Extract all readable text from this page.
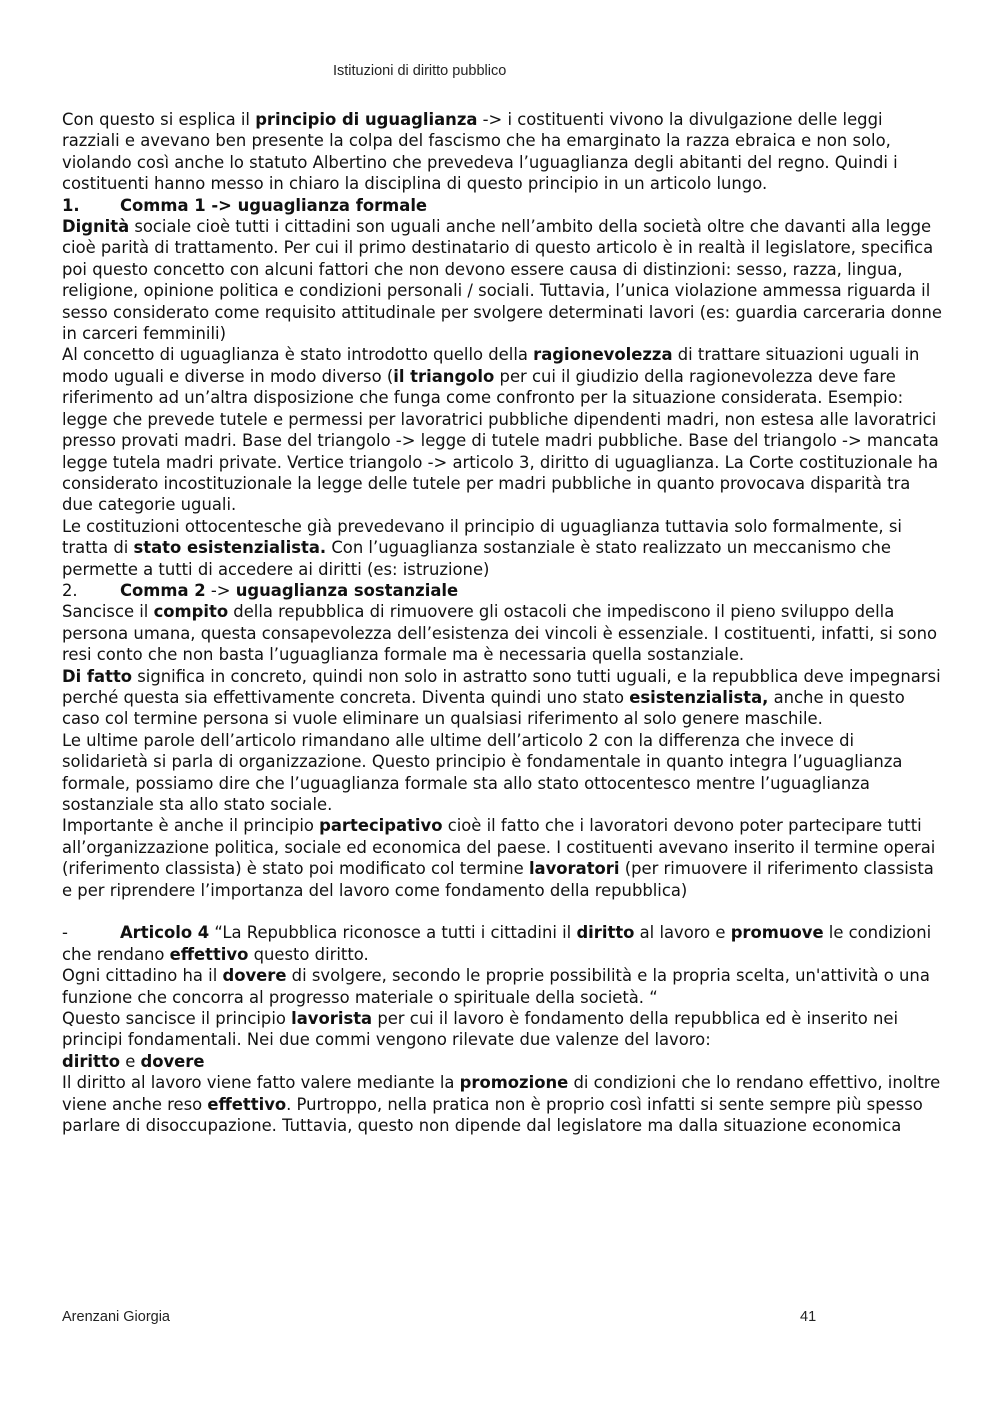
Istituzioni di diritto pubblico

Con questo si esplica il principio di uguaglianza -> i costituenti vivono la divulgazione delle leggi razziali e avevano ben presente la colpa del fascismo che ha emarginato la razza ebraica e non solo, violando così anche lo statuto Albertino che prevedeva l’uguaglianza degli abitanti del regno. Quindi i costituenti hanno messo in chiaro la disciplina di questo principio in un articolo lungo.

1. Comma 1 -> uguaglianza formale

Dignità sociale cioè tutti i cittadini son uguali anche nell’ambito della società oltre che davanti alla legge cioè parità di trattamento. Per cui il primo destinatario di questo articolo è in realtà il legislatore, specifica poi questo concetto con alcuni fattori che non devono essere causa di distinzioni: sesso, razza, lingua, religione, opinione politica e condizioni personali / sociali. Tuttavia, l’unica violazione ammessa riguarda il sesso considerato come requisito attitudinale per svolgere determinati lavori (es: guardia carceraria donne in carceri femminili)

Al concetto di uguaglianza è stato introdotto quello della ragionevolezza di trattare situazioni uguali in modo uguali e diverse in modo diverso (il triangolo per cui il giudizio della ragionevolezza deve fare riferimento ad un’altra disposizione che funga come confronto per la situazione considerata. Esempio: legge che prevede tutele e permessi per lavoratrici pubbliche dipendenti madri, non estesa alle lavoratrici presso provati madri. Base del triangolo -> legge di tutele madri pubbliche. Base del triangolo -> mancata legge tutela madri private. Vertice triangolo -> articolo 3, diritto di uguaglianza. La Corte costituzionale ha considerato incostituzionale la legge delle tutele per madri pubbliche in quanto provocava disparità tra due categorie uguali.

Le costituzioni ottocentesche già prevedevano il principio di uguaglianza tuttavia solo formalmente, si tratta di stato esistenzialista. Con l’uguaglianza sostanziale è stato realizzato un meccanismo che permette a tutti di accedere ai diritti (es: istruzione)

2.	Comma 2 -> uguaglianza sostanziale

Sancisce il compito della repubblica di rimuovere gli ostacoli che impediscono il pieno sviluppo della persona umana, questa consapevolezza dell’esistenza dei vincoli è essenziale. I costituenti, infatti, si sono resi conto che non basta l’uguaglianza formale ma è necessaria quella sostanziale.

Di fatto significa in concreto, quindi non solo in astratto sono tutti uguali, e la repubblica deve impegnarsi perché questa sia effettivamente concreta. Diventa quindi uno stato esistenzialista, anche in questo caso col termine persona si vuole eliminare un qualsiasi riferimento al solo genere maschile.

Le ultime parole dell’articolo rimandano alle ultime dell’articolo 2 con la differenza che invece di solidarietà si parla di organizzazione. Questo principio è fondamentale in quanto integra l’uguaglianza formale, possiamo dire che l’uguaglianza formale sta allo stato ottocentesco mentre l’uguaglianza sostanziale sta allo stato sociale.

Importante è anche il principio partecipativo cioè il fatto che i lavoratori devono poter partecipare tutti all’organizzazione politica, sociale ed economica del paese. I costituenti avevano inserito il termine operai (riferimento classista) è stato poi modificato col termine lavoratori (per rimuovere il riferimento classista e per riprendere l’importanza del lavoro come fondamento della repubblica)

-	Articolo 4 “La Repubblica riconosce a tutti i cittadini il diritto al lavoro e promuove le condizioni che rendano effettivo questo diritto.

Ogni cittadino ha il dovere di svolgere, secondo le proprie possibilità e la propria scelta, un'attività o una funzione che concorra al progresso materiale o spirituale della società. “

Questo sancisce il principio lavorista per cui il lavoro è fondamento della repubblica ed è inserito nei principi fondamentali. Nei due commi vengono rilevate due valenze del lavoro:

diritto e dovere

Il diritto al lavoro viene fatto valere mediante la promozione di condizioni che lo rendano effettivo, inoltre viene anche reso effettivo. Purtroppo, nella pratica non è proprio così infatti si sente sempre più spesso parlare di disoccupazione. Tuttavia, questo non dipende dal legislatore ma dalla situazione economica

Arenzani Giorgia	41
